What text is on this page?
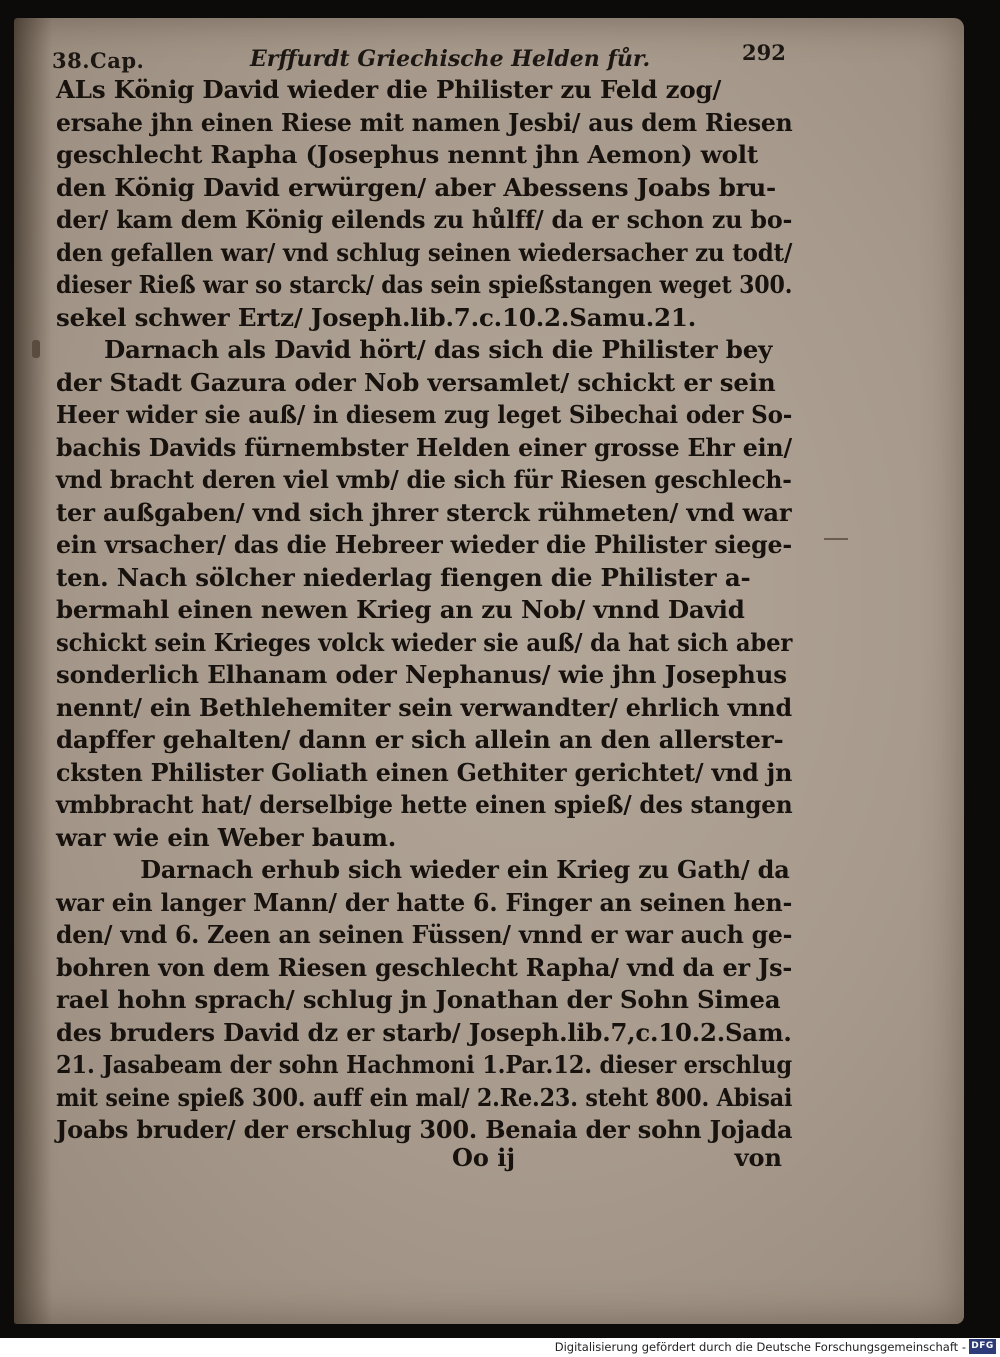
38.Cap.	Erffurdt Griechische Helden fůr.	292
ALs König David wieder die Philister zu Feld zog/
ersahe jhn einen Riese mit namen Jesbi/ aus dem Riesen
geschlecht Rapha (Josephus nennt jhn Aemon) wolt
den König David erwürgen/ aber Abessens Joabs bru-
der/ kam dem König eilends zu hůlff/ da er schon zu bo-
den gefallen war/ vnd schlug seinen wiedersacher zu todt/
dieser Rieß war so starck/ das sein spießstangen weget 300.
sekel schwer Ertz/ Joseph.lib.7.c.10.2.Samu.21.
Darnach als David hört/ das sich die Philister bey
der Stadt Gazura oder Nob versamlet/ schickt er sein
Heer wider sie auß/ in diesem zug leget Sibechai oder So-
bachis Davids fürnembster Helden einer grosse Ehr ein/
vnd bracht deren viel vmb/ die sich für Riesen geschlech-
ter außgaben/ vnd sich jhrer sterck rühmeten/ vnd war
ein vrsacher/ das die Hebreer wieder die Philister siege-
ten. Nach sölcher niederlag fiengen die Philister a-
bermahl einen newen Krieg an zu Nob/ vnnd David
schickt sein Krieges volck wieder sie auß/ da hat sich aber
sonderlich Elhanam oder Nephanus/ wie jhn Josephus
nennt/ ein Bethlehemiter sein verwandter/ ehrlich vnnd
dapffer gehalten/ dann er sich allein an den allerster-
cksten Philister Goliath einen Gethiter gerichtet/ vnd jn
vmbbracht hat/ derselbige hette einen spieß/ des stangen
war wie ein Weber baum.
Darnach erhub sich wieder ein Krieg zu Gath/ da
war ein langer Mann/ der hatte 6. Finger an seinen hen-
den/ vnd 6. Zeen an seinen Füssen/ vnnd er war auch ge-
bohren von dem Riesen geschlecht Rapha/ vnd da er Js-
rael hohn sprach/ schlug jn Jonathan der Sohn Simea
des bruders David dz er starb/ Joseph.lib.7,c.10.2.Sam.
21. Jasabeam der sohn Hachmoni 1.Par.12. dieser erschlug
mit seine spieß 300. auff ein mal/ 2.Re.23. steht 800. Abisai
Joabs bruder/ der erschlug 300. Benaia der sohn Jojada
Oo ij	von
Digitalisierung gefördert durch die Deutsche Forschungsgemeinschaft - DFG
